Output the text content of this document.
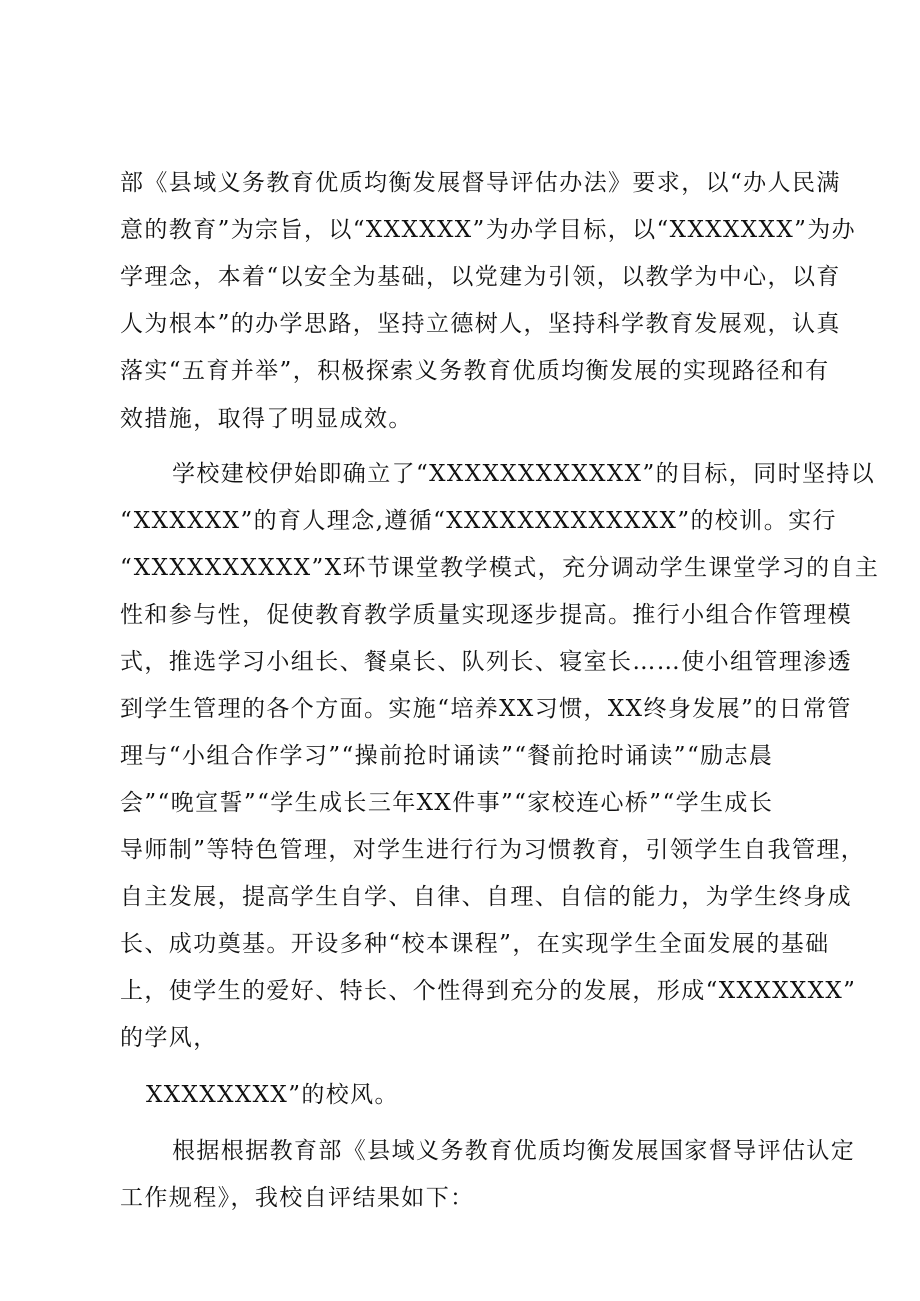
部《县域义务教育优质均衡发展督导评估办法》要求，以“办人民满

意的教育”为宗旨，以“XXXXXX”为办学目标，以“XXXXXXX”为办

学理念，本着“以安全为基础，以党建为引领，以教学为中心，以育

人为根本”的办学思路，坚持立德树人，坚持科学教育发展观，认真

落实“五育并举”，积极探索义务教育优质均衡发展的实现路径和有

效措施，取得了明显成效。

学校建校伊始即确立了“XXXXXXXXXXXX”的目标，同时坚持以

“XXXXXX”的育人理念,遵循“XXXXXXXXXXXXX”的校训。实行

“XXXXXXXXXX”X环节课堂教学模式，充分调动学生课堂学习的自主

性和参与性，促使教育教学质量实现逐步提高。推行小组合作管理模

式，推选学习小组长、餐桌长、队列长、寝室长……使小组管理渗透

到学生管理的各个方面。实施“培养XX习惯，XX终身发展”的日常管

理与“小组合作学习”“操前抢时诵读”“餐前抢时诵读”“励志晨

会”“晚宣誓”“学生成长三年XX件事”“家校连心桥”“学生成长

导师制”等特色管理，对学生进行行为习惯教育，引领学生自我管理，

自主发展，提高学生自学、自律、自理、自信的能力，为学生终身成

长、成功奠基。开设多种“校本课程”，在实现学生全面发展的基础

上，使学生的爱好、特长、个性得到充分的发展，形成“XXXXXXX”

的学风，

XXXXXXXX”的校风。

根据根据教育部《县域义务教育优质均衡发展国家督导评估认定

工作规程》，我校自评结果如下：
